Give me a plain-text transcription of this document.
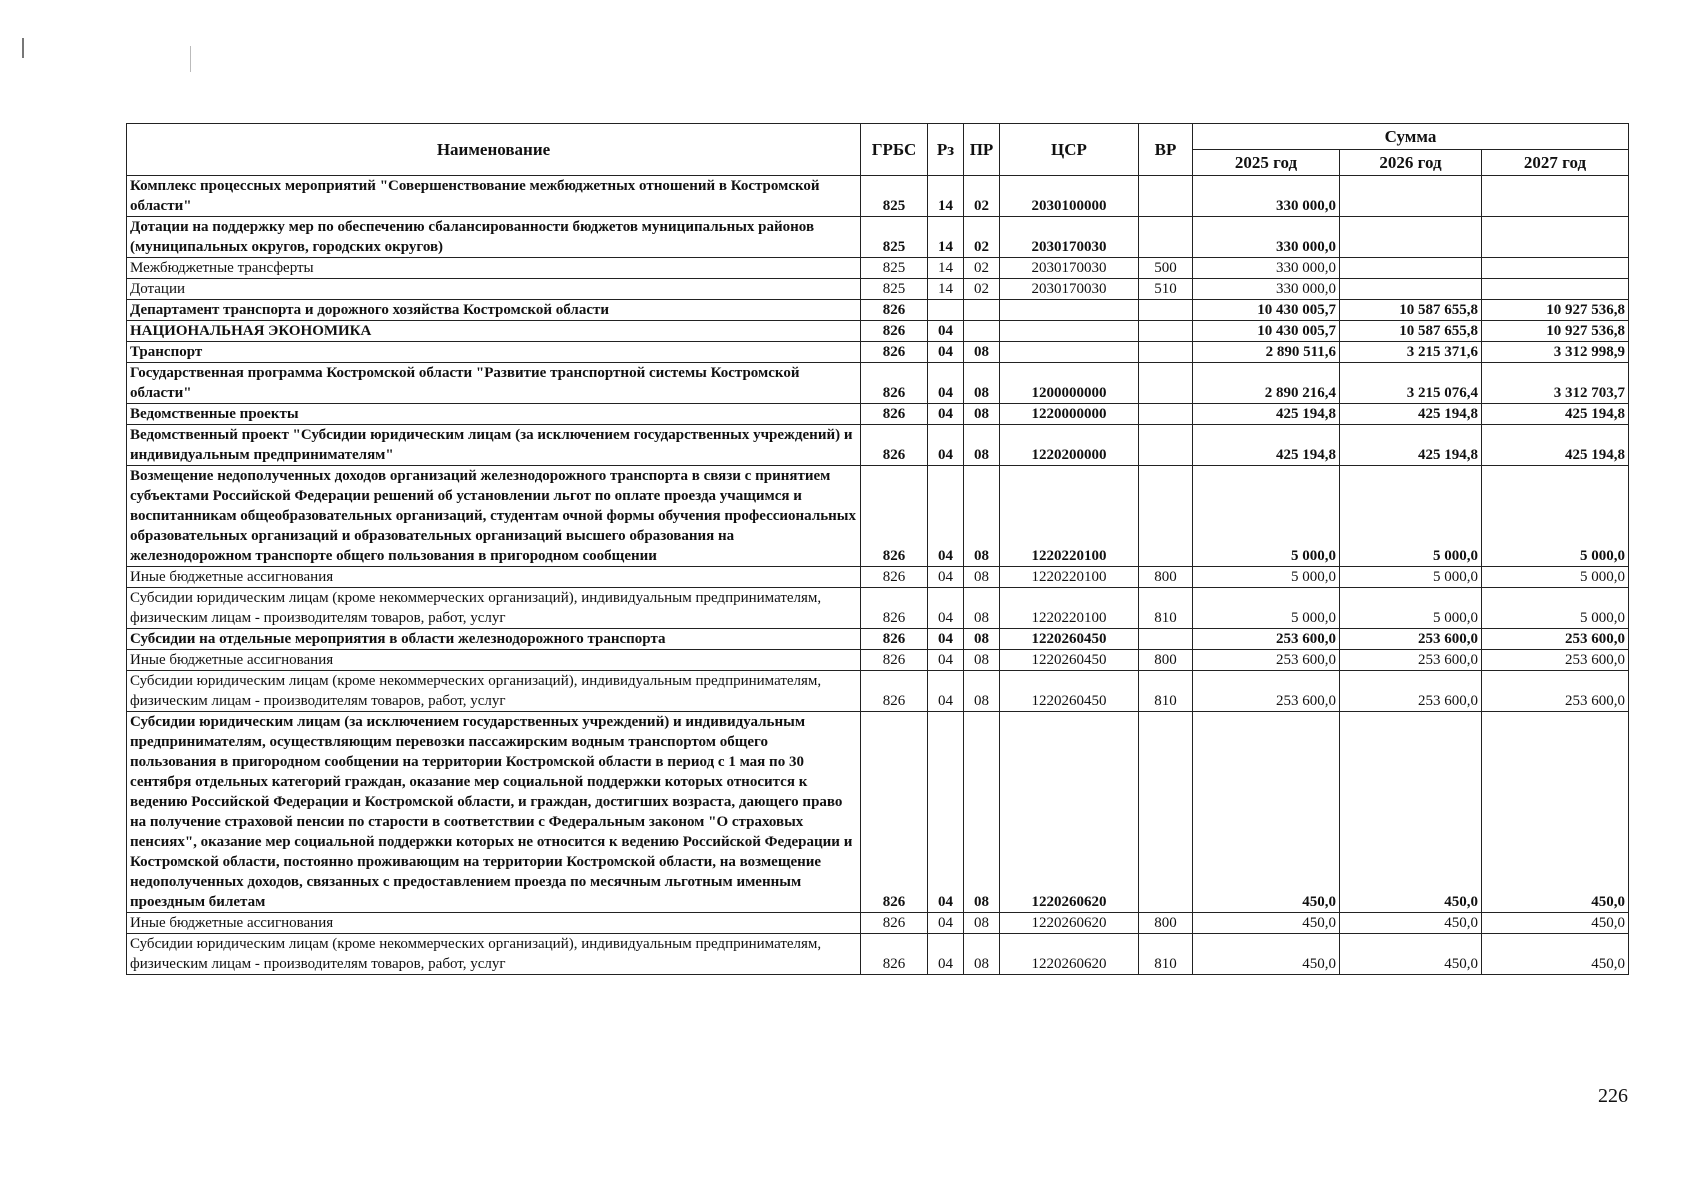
Наименование	ГРБС	Рз	ПР	ЦСР	ВР	Сумма		
						2025 год	2026 год	2027 год
Комплекс процессных мероприятий "Совершенствование межбюджетных отношений в Костромской области"	825	14	02	2030100000		330 000,0		
Дотации на поддержку мер по обеспечению сбалансированности бюджетов муниципальных районов (муниципальных округов, городских округов)	825	14	02	2030170030		330 000,0		
Межбюджетные трансферты	825	14	02	2030170030	500	330 000,0		
Дотации	825	14	02	2030170030	510	330 000,0		
Департамент транспорта и дорожного хозяйства Костромской области	826					10 430 005,7	10 587 655,8	10 927 536,8
НАЦИОНАЛЬНАЯ ЭКОНОМИКА	826	04				10 430 005,7	10 587 655,8	10 927 536,8
Транспорт	826	04	08			2 890 511,6	3 215 371,6	3 312 998,9
Государственная программа Костромской области "Развитие транспортной системы Костромской области"	826	04	08	1200000000		2 890 216,4	3 215 076,4	3 312 703,7
Ведомственные проекты	826	04	08	1220000000		425 194,8	425 194,8	425 194,8
Ведомственный проект "Субсидии юридическим лицам (за исключением государственных учреждений) и индивидуальным предпринимателям"	826	04	08	1220200000		425 194,8	425 194,8	425 194,8
Возмещение недополученных доходов организаций железнодорожного транспорта в связи с принятием субъектами Российской Федерации решений об установлении льгот по оплате проезда учащимся и воспитанникам общеобразовательных организаций, студентам очной формы обучения профессиональных образовательных организаций и образовательных организаций высшего образования на железнодорожном транспорте общего пользования в пригородном сообщении	826	04	08	1220220100		5 000,0	5 000,0	5 000,0
Иные бюджетные ассигнования	826	04	08	1220220100	800	5 000,0	5 000,0	5 000,0
Субсидии юридическим лицам (кроме некоммерческих организаций), индивидуальным предпринимателям, физическим лицам - производителям товаров, работ, услуг	826	04	08	1220220100	810	5 000,0	5 000,0	5 000,0
Субсидии на отдельные мероприятия в области железнодорожного транспорта	826	04	08	1220260450		253 600,0	253 600,0	253 600,0
Иные бюджетные ассигнования	826	04	08	1220260450	800	253 600,0	253 600,0	253 600,0
Субсидии юридическим лицам (кроме некоммерческих организаций), индивидуальным предпринимателям, физическим лицам - производителям товаров, работ, услуг	826	04	08	1220260450	810	253 600,0	253 600,0	253 600,0
Субсидии юридическим лицам (за исключением государственных учреждений) и индивидуальным предпринимателям, осуществляющим перевозки пассажирским водным транспортом общего пользования в пригородном сообщении на территории Костромской области в период с 1 мая по 30 сентября отдельных категорий граждан, оказание мер социальной поддержки которых относится к ведению Российской Федерации и Костромской области, и граждан, достигших возраста, дающего право на получение страховой пенсии по старости в соответствии с Федеральным законом "О страховых пенсиях", оказание мер социальной поддержки которых не относится к ведению Российской Федерации и Костромской области, постоянно проживающим на территории Костромской области, на возмещение недополученных доходов, связанных с предоставлением проезда по месячным льготным именным проездным билетам	826	04	08	1220260620		450,0	450,0	450,0
Иные бюджетные ассигнования	826	04	08	1220260620	800	450,0	450,0	450,0
Субсидии юридическим лицам (кроме некоммерческих организаций), индивидуальным предпринимателям, физическим лицам - производителям товаров, работ, услуг	826	04	08	1220260620	810	450,0	450,0	450,0
226
